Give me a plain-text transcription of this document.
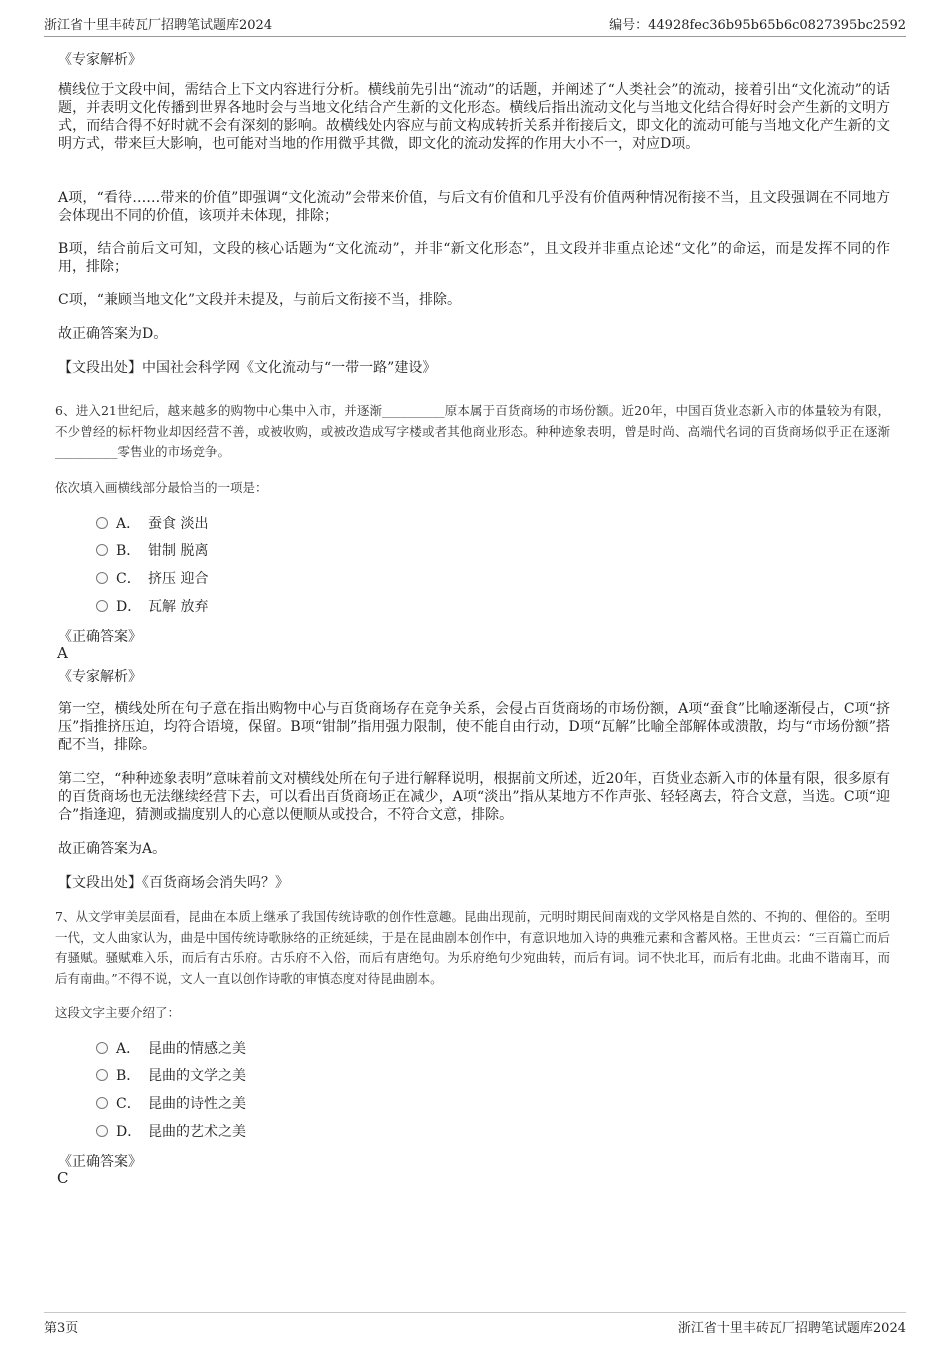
浙江省十里丰砖瓦厂招聘笔试题库2024	编号：44928fec36b95b65b6c0827395bc2592
《专家解析》
横线位于文段中间，需结合上下文内容进行分析。横线前先引出“流动”的话题，并阐述了“人类社会”的流动，接着引出“文化流动”的话题，并表明文化传播到世界各地时会与当地文化结合产生新的文化形态。横线后指出流动文化与当地文化结合得好时会产生新的文明方式，而结合得不好时就不会有深刻的影响。故横线处内容应与前文构成转折关系并衔接后文，即文化的流动可能与当地文化产生新的文明方式，带来巨大影响，也可能对当地的作用微乎其微，即文化的流动发挥的作用大小不一，对应D项。
A项，“看待……带来的价值”即强调“文化流动”会带来价值，与后文有价值和几乎没有价值两种情况衔接不当，且文段强调在不同地方会体现出不同的价值，该项并未体现，排除；
B项，结合前后文可知，文段的核心话题为“文化流动”，并非“新文化形态”，且文段并非重点论述“文化”的命运，而是发挥不同的作用，排除；
C项，“兼顾当地文化”文段并未提及，与前后文衔接不当，排除。
故正确答案为D。
【文段出处】中国社会科学网《文化流动与“一带一路”建设》
6、进入21世纪后，越来越多的购物中心集中入市，并逐渐__________原本属于百货商场的市场份额。近20年，中国百货业态新入市的体量较为有限，不少曾经的标杆物业却因经营不善，或被收购，或被改造成写字楼或者其他商业形态。种种迹象表明，曾是时尚、高端代名词的百货商场似乎正在逐渐__________零售业的市场竞争。
依次填入画横线部分最恰当的一项是：
A． 蚕食 淡出
B． 钳制 脱离
C． 挤压 迎合
D． 瓦解 放弃
《正确答案》
A
《专家解析》
第一空，横线处所在句子意在指出购物中心与百货商场存在竞争关系，会侵占百货商场的市场份额，A项“蚕食”比喻逐渐侵占，C项“挤压”指推挤压迫，均符合语境，保留。B项“钳制”指用强力限制，使不能自由行动，D项“瓦解”比喻全部解体或溃散，均与“市场份额”搭配不当，排除。
第二空，“种种迹象表明”意味着前文对横线处所在句子进行解释说明，根据前文所述，近20年，百货业态新入市的体量有限，很多原有的百货商场也无法继续经营下去，可以看出百货商场正在减少，A项“淡出”指从某地方不作声张、轻轻离去，符合文意，当选。C项“迎合”指逢迎，猜测或揣度别人的心意以便顺从或投合，不符合文意，排除。
故正确答案为A。
【文段出处】《百货商场会消失吗？》
7、从文学审美层面看，昆曲在本质上继承了我国传统诗歌的创作性意趣。昆曲出现前，元明时期民间南戏的文学风格是自然的、不拘的、俚俗的。至明一代，文人曲家认为，曲是中国传统诗歌脉络的正统延续，于是在昆曲剧本创作中，有意识地加入诗的典雅元素和含蓄风格。王世贞云：“三百篇亡而后有骚赋。骚赋难入乐，而后有古乐府。古乐府不入俗，而后有唐绝句。为乐府绝句少宛曲转，而后有词。词不快北耳，而后有北曲。北曲不谐南耳，而后有南曲。”不得不说，文人一直以创作诗歌的审慎态度对待昆曲剧本。
这段文字主要介绍了：
A． 昆曲的情感之美
B． 昆曲的文学之美
C． 昆曲的诗性之美
D． 昆曲的艺术之美
《正确答案》
C
第3页	浙江省十里丰砖瓦厂招聘笔试题库2024
